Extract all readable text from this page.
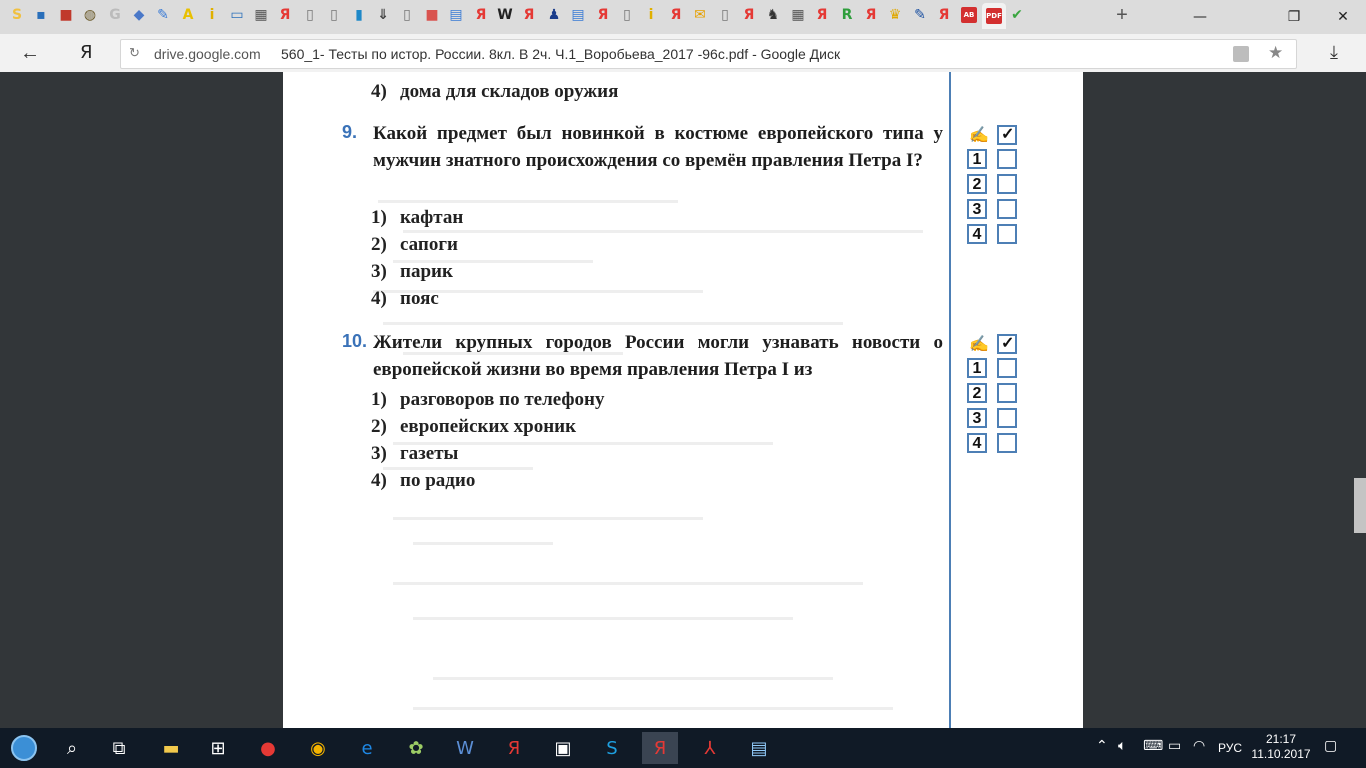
S ▪ ■ ◍ G ◆ ✎ A	i	▭ ▦ Я ▯ ▯ ▮ ⇓ ▯ ■ ▤ Я W Я ♟ ▤ Я ▯	i	Я ✉ ▯ Я ♞ ▦ Я R Я ♛ ✎ Я	AB	PDF ✔	—	❐	✕
+
← Я	↻ drive.google.com 560_1- Тесты по истор. России. 8кл. В 2ч. Ч.1_Воробьева_2017 -96с.pdf - Google Диск	★	⤓
4) дома для складов оружия
9. Какой предмет был новинкой в костюме европейского типа у мужчин знатного происхождения со времён правления Петра I?
1) кафтан
2) сапоги
3) парик
4) пояс
✍ ✓
1
2
3
4
10. Жители крупных городов России могли узнавать новости о европейской жизни во время правления Петра I из
1) разговоров по телефону
2) европейских хроник
3) газеты
4) по радио
✍ ✓
1
2
3
4
⌕	⧉	▬	⊞	●	◉	e	✿	W	Я	▣	S	Я	⅄	▤	⌃ 🔈︎ ⌨ ▭ ◠ РУС
21:17
11.10.2017 ▢
